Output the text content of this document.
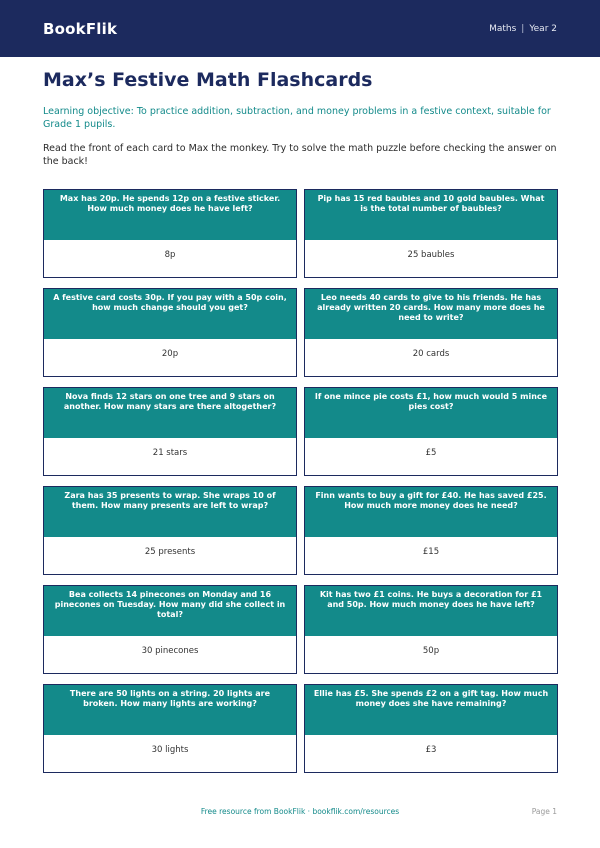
BookFlik	Maths | Year 2
Max’s Festive Math Flashcards

Learning objective: To practice addition, subtraction, and money problems in a festive context, suitable for Grade 1 pupils.

Read the front of each card to Max the monkey. Try to solve the math puzzle before checking the answer on the back!

Max has 20p. He spends 12p on a festive sticker. How much money does he have left?
8p
Pip has 15 red baubles and 10 gold baubles. What is the total number of baubles?
25 baubles
A festive card costs 30p. If you pay with a 50p coin, how much change should you get?
20p
Leo needs 40 cards to give to his friends. He has already written 20 cards. How many more does he need to write?
20 cards
Nova finds 12 stars on one tree and 9 stars on another. How many stars are there altogether?
21 stars
If one mince pie costs £1, how much would 5 mince pies cost?
£5
Zara has 35 presents to wrap. She wraps 10 of them. How many presents are left to wrap?
25 presents
Finn wants to buy a gift for £40. He has saved £25. How much more money does he need?
£15
Bea collects 14 pinecones on Monday and 16 pinecones on Tuesday. How many did she collect in total?
30 pinecones
Kit has two £1 coins. He buys a decoration for £1 and 50p. How much money does he have left?
50p
There are 50 lights on a string. 20 lights are broken. How many lights are working?
30 lights
Ellie has £5. She spends £2 on a gift tag. How much money does she have remaining?
£3
Free resource from BookFlik · bookflik.com/resources	Page 1
